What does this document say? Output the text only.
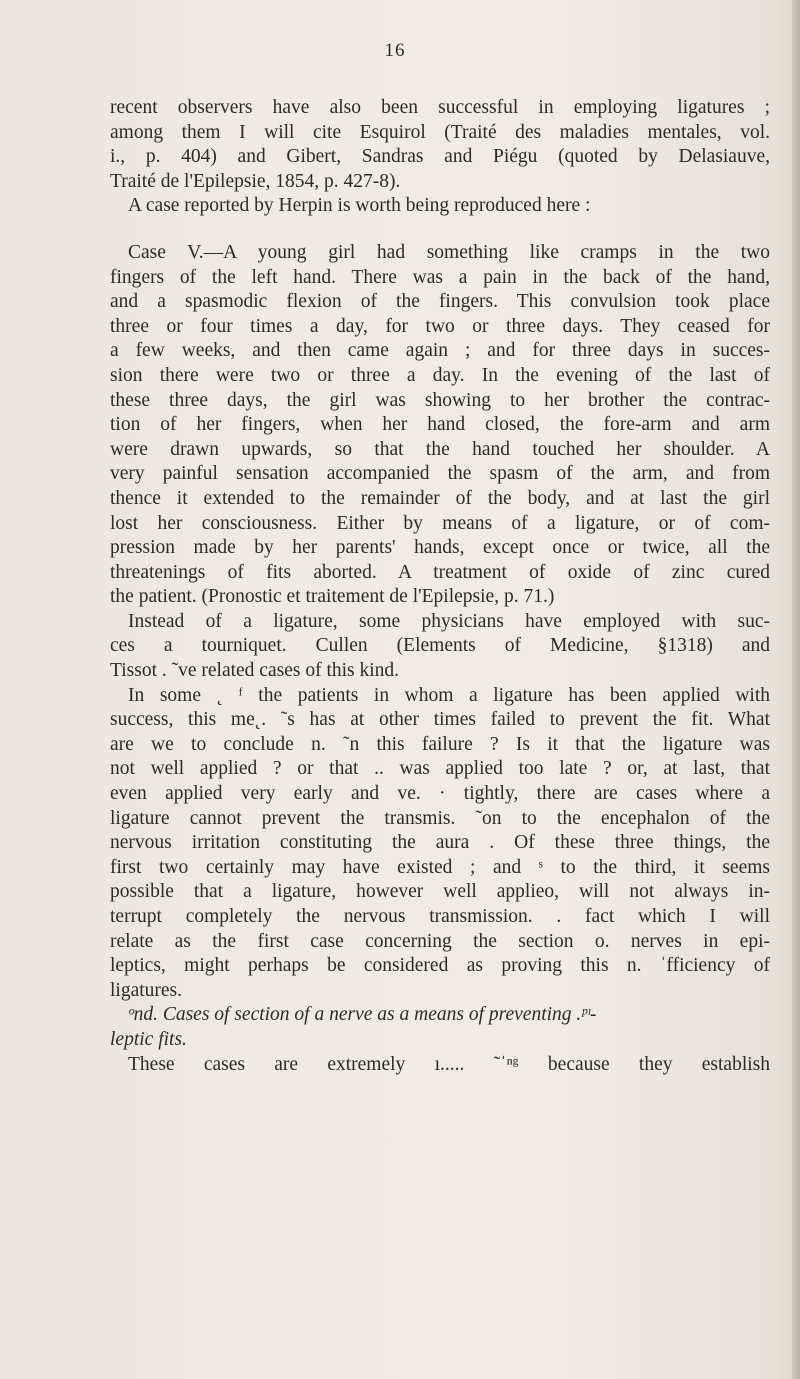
16
recent observers have also been successful in employing ligatures ;
among them I will cite Esquirol (Traité des maladies mentales, vol.
i., p. 404) and Gibert, Sandras and Piégu (quoted by Delasiauve,
Traité de l'Epilepsie, 1854, p. 427-8).
A case reported by Herpin is worth being reproduced here :
Case V.—A young girl had something like cramps in the two
fingers of the left hand. There was a pain in the back of the hand,
and a spasmodic flexion of the fingers. This convulsion took place
three or four times a day, for two or three days. They ceased for
a few weeks, and then came again ; and for three days in succes-
sion there were two or three a day. In the evening of the last of
these three days, the girl was showing to her brother the contrac-
tion of her fingers, when her hand closed, the fore-arm and arm
were drawn upwards, so that the hand touched her shoulder. A
very painful sensation accompanied the spasm of the arm, and from
thence it extended to the remainder of the body, and at last the girl
lost her consciousness. Either by means of a ligature, or of com-
pression made by her parents' hands, except once or twice, all the
threatenings of fits aborted. A treatment of oxide of zinc cured
the patient. (Pronostic et traitement de l'Epilepsie, p. 71.)
Instead of a ligature, some physicians have employed with suc-
ces a tourniquet. Cullen (Elements of Medicine, §1318) and
Tissot . ˜ve related cases of this kind.
In some ˛ ᶠ the patients in whom a ligature has been applied with
success, this me˛. ˜s has at other times failed to prevent the fit. What
are we to conclude n. ˜n this failure ? Is it that the ligature was
not well applied ? or that .. was applied too late ? or, at last, that
even applied very early and ve. · tightly, there are cases where a
ligature cannot prevent the transmis. ˜on to the encephalon of the
nervous irritation constituting the aura . Of these three things, the
first two certainly may have existed ; and ˢ to the third, it seems
possible that a ligature, however well applieo, will not always in-
terrupt completely the nervous transmission. . fact which I will
relate as the first case concerning the section o. nerves in epi-
leptics, might perhaps be considered as proving this n. ˈfficiency of
ligatures.
ᵒnd. Cases of section of a nerve as a means of preventing .ᵖᶦ-
leptic fits.
These cases are extremely ı..... ˜ˈⁿᵍ because they establish
